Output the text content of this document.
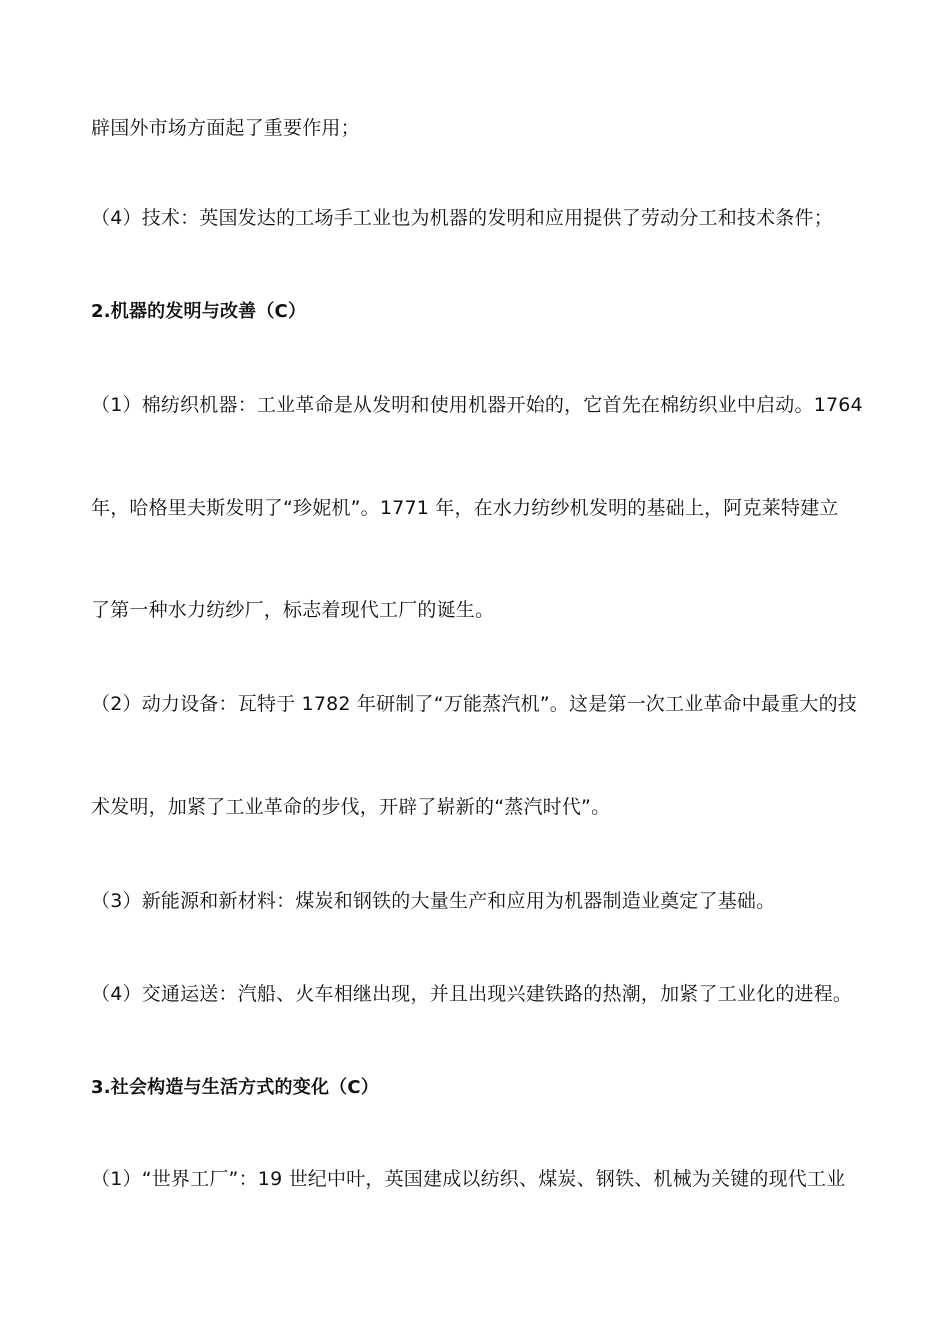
辟国外市场方面起了重要作用；
（4）技术：英国发达的工场手工业也为机器的发明和应用提供了劳动分工和技术条件；
2.机器的发明与改善（C）
（1）棉纺织机器：工业革命是从发明和使用机器开始的，它首先在棉纺织业中启动。1764
年，哈格里夫斯发明了“珍妮机”。1771 年，在水力纺纱机发明的基础上，阿克莱特建立
了第一种水力纺纱厂，标志着现代工厂的诞生。
（2）动力设备：瓦特于 1782 年研制了“万能蒸汽机”。这是第一次工业革命中最重大的技
术发明，加紧了工业革命的步伐，开辟了崭新的“蒸汽时代”。
（3）新能源和新材料：煤炭和钢铁的大量生产和应用为机器制造业奠定了基础。
（4）交通运送：汽船、火车相继出现，并且出现兴建铁路的热潮，加紧了工业化的进程。
3.社会构造与生活方式的变化（C）
（1）“世界工厂”：19 世纪中叶，英国建成以纺织、煤炭、钢铁、机械为关键的现代工业
